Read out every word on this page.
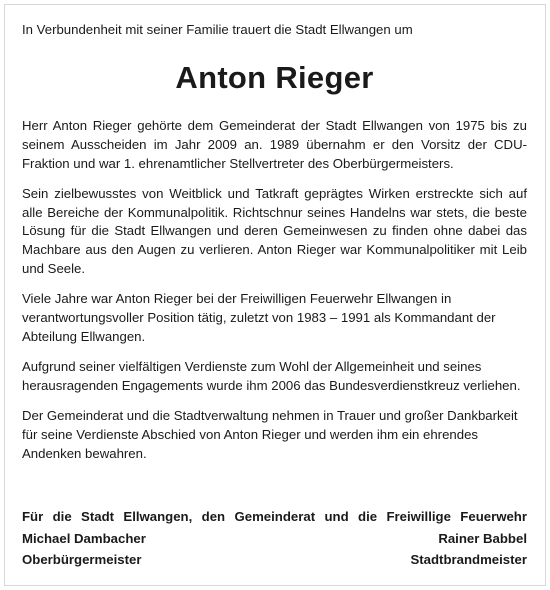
In Verbundenheit mit seiner Familie trauert die Stadt Ellwangen um
Anton Rieger

Herr Anton Rieger gehörte dem Gemeinderat der Stadt Ellwangen von 1975 bis zu seinem Ausscheiden im Jahr 2009 an. 1989 übernahm er den Vorsitz der CDU-Fraktion und war 1. ehrenamtlicher Stellvertreter des Oberbürgermeisters.

Sein zielbewusstes von Weitblick und Tatkraft geprägtes Wirken erstreckte sich auf alle Bereiche der Kommunalpolitik. Richtschnur seines Handelns war stets, die beste Lösung für die Stadt Ellwangen und deren Gemeinwesen zu finden ohne dabei das Machbare aus den Augen zu verlieren. Anton Rieger war Kommunalpolitiker mit Leib und Seele.

Viele Jahre war Anton Rieger bei der Freiwilligen Feuerwehr Ellwangen in verantwortungsvoller Position tätig, zuletzt von 1983 – 1991 als Kommandant der Abteilung Ellwangen.

Aufgrund seiner vielfältigen Verdienste zum Wohl der Allgemeinheit und seines herausragenden Engagements wurde ihm 2006 das Bundesverdienstkreuz verliehen.

Der Gemeinderat und die Stadtverwaltung nehmen in Trauer und großer Dankbarkeit für seine Verdienste Abschied von Anton Rieger und werden ihm ein ehrendes Andenken bewahren.

Für die Stadt Ellwangen, den Gemeinderat und die Freiwillige Feuerwehr
Michael Dambacher	Rainer Babbel
Oberbürgermeister	Stadtbrandmeister
